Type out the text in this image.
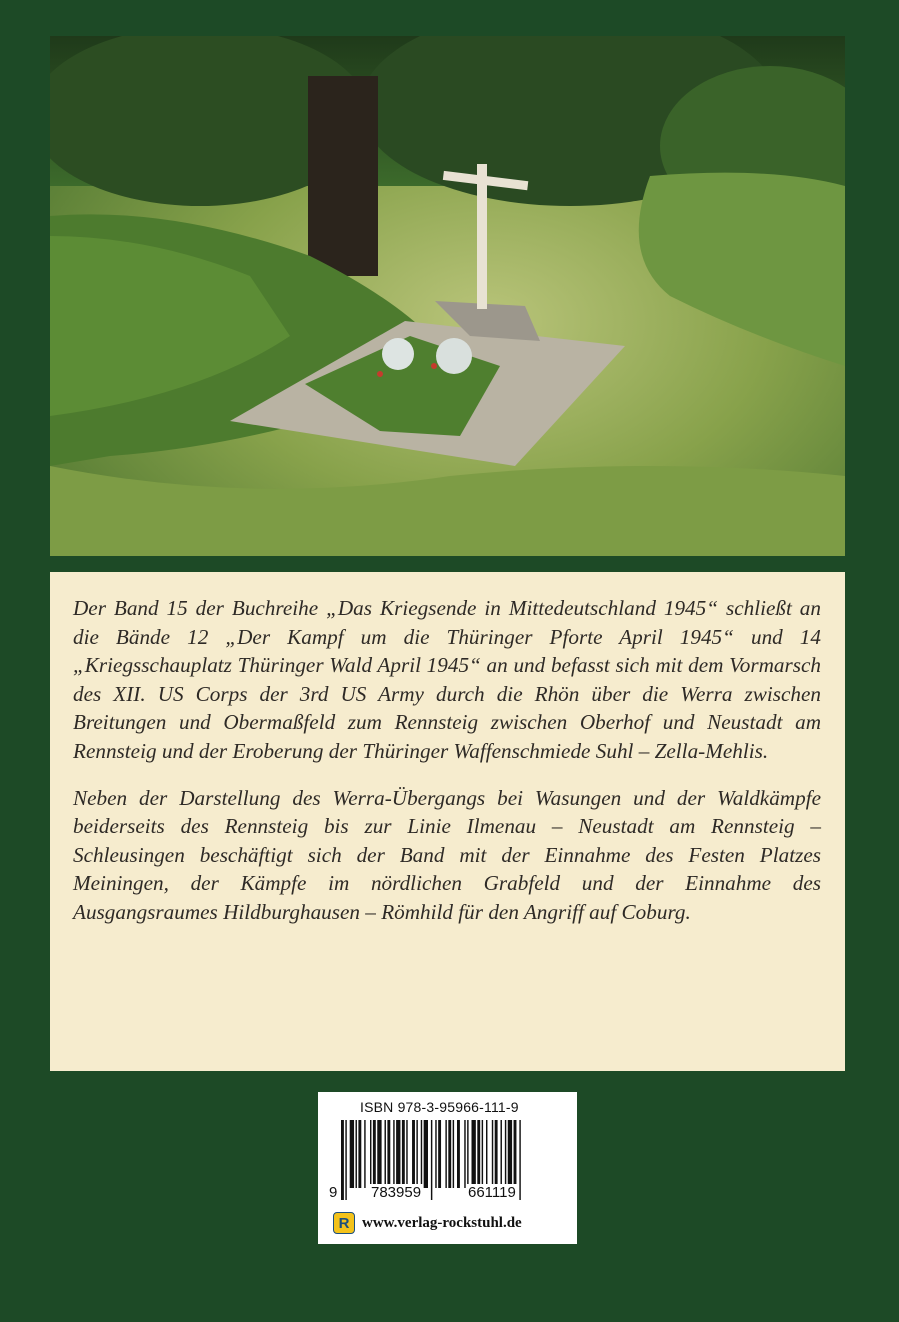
Der Band 15 der Buchreihe „Das Kriegsende in Mittedeutschland 1945“ schließt an die Bände 12 „Der Kampf um die Thüringer Pforte April 1945“ und 14 „Kriegsschauplatz Thüringer Wald April 1945“ an und befasst sich mit dem Vormarsch des XII. US Corps der 3rd US Army durch die Rhön über die Werra zwischen Breitungen und Obermaßfeld zum Rennsteig zwischen Oberhof und Neustadt am Rennsteig und der Eroberung der Thüringer Waffenschmiede Suhl – Zella-Mehlis.

Neben der Darstellung des Werra-Übergangs bei Wasungen und der Waldkämpfe beiderseits des Rennsteig bis zur Linie Ilmenau – Neustadt am Rennsteig – Schleusingen beschäftigt sich der Band mit der Einnahme des Festen Platzes Meiningen, der Kämpfe im nördlichen Grabfeld und der Einnahme des Ausgangsraumes Hildburghausen – Römhild für den Angriff auf Coburg.

ISBN 978-3-95966-111-9
9 783959	661119
R www.verlag-rockstuhl.de
